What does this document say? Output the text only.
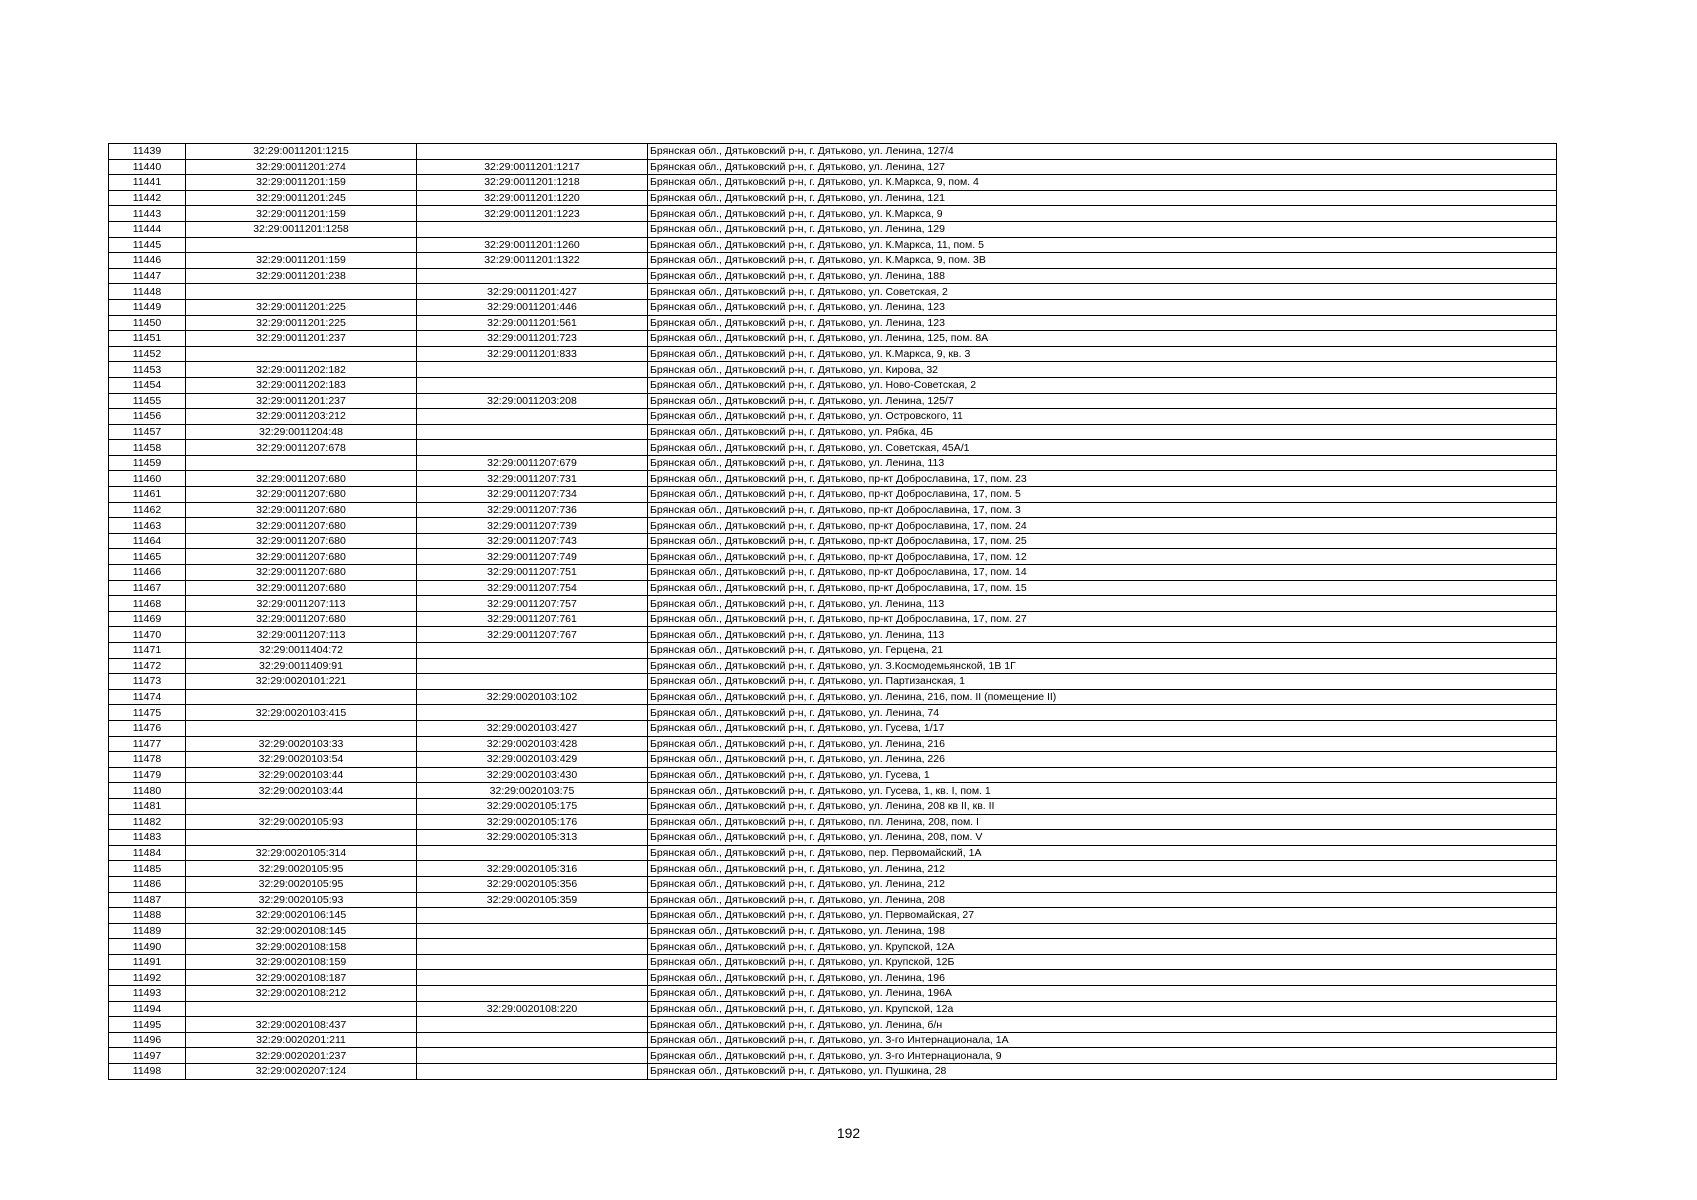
11439	32:29:0011201:1215		Брянская обл., Дятьковский р-н, г. Дятьково, ул. Ленина, 127/4
11440	32:29:0011201:274	32:29:0011201:1217	Брянская обл., Дятьковский р-н, г. Дятьково, ул. Ленина, 127
11441	32:29:0011201:159	32:29:0011201:1218	Брянская обл., Дятьковский р-н, г. Дятьково, ул. К.Маркса, 9, пом. 4
11442	32:29:0011201:245	32:29:0011201:1220	Брянская обл., Дятьковский р-н, г. Дятьково, ул. Ленина, 121
11443	32:29:0011201:159	32:29:0011201:1223	Брянская обл., Дятьковский р-н, г. Дятьково, ул. К.Маркса, 9
11444	32:29:0011201:1258		Брянская обл., Дятьковский р-н, г. Дятьково, ул. Ленина, 129
11445		32:29:0011201:1260	Брянская обл., Дятьковский р-н, г. Дятьково, ул. К.Маркса, 11, пом. 5
11446	32:29:0011201:159	32:29:0011201:1322	Брянская обл., Дятьковский р-н, г. Дятьково, ул. К.Маркса, 9, пом. 3В
11447	32:29:0011201:238		Брянская обл., Дятьковский р-н, г. Дятьково, ул. Ленина, 188
11448		32:29:0011201:427	Брянская обл., Дятьковский р-н, г. Дятьково, ул. Советская, 2
11449	32:29:0011201:225	32:29:0011201:446	Брянская обл., Дятьковский р-н, г. Дятьково, ул. Ленина, 123
11450	32:29:0011201:225	32:29:0011201:561	Брянская обл., Дятьковский р-н, г. Дятьково, ул. Ленина, 123
11451	32:29:0011201:237	32:29:0011201:723	Брянская обл., Дятьковский р-н, г. Дятьково, ул. Ленина, 125, пом. 8А
11452		32:29:0011201:833	Брянская обл., Дятьковский р-н, г. Дятьково, ул. К.Маркса, 9, кв. 3
11453	32:29:0011202:182		Брянская обл., Дятьковский р-н, г. Дятьково, ул. Кирова, 32
11454	32:29:0011202:183		Брянская обл., Дятьковский р-н, г. Дятьково, ул. Ново-Советская, 2
11455	32:29:0011201:237	32:29:0011203:208	Брянская обл., Дятьковский р-н, г. Дятьково, ул. Ленина, 125/7
11456	32:29:0011203:212		Брянская обл., Дятьковский р-н, г. Дятьково, ул. Островского, 11
11457	32:29:0011204:48		Брянская обл., Дятьковский р-н, г. Дятьково, ул. Рябка, 4Б
11458	32:29:0011207:678		Брянская обл., Дятьковский р-н, г. Дятьково, ул. Советская, 45А/1
11459		32:29:0011207:679	Брянская обл., Дятьковский р-н, г. Дятьково, ул. Ленина, 113
11460	32:29:0011207:680	32:29:0011207:731	Брянская обл., Дятьковский р-н, г. Дятьково, пр-кт Доброславина, 17, пом. 23
11461	32:29:0011207:680	32:29:0011207:734	Брянская обл., Дятьковский р-н, г. Дятьково, пр-кт Доброславина, 17, пом. 5
11462	32:29:0011207:680	32:29:0011207:736	Брянская обл., Дятьковский р-н, г. Дятьково, пр-кт Доброславина, 17, пом. 3
11463	32:29:0011207:680	32:29:0011207:739	Брянская обл., Дятьковский р-н, г. Дятьково, пр-кт Доброславина, 17, пом. 24
11464	32:29:0011207:680	32:29:0011207:743	Брянская обл., Дятьковский р-н, г. Дятьково, пр-кт Доброславина, 17, пом. 25
11465	32:29:0011207:680	32:29:0011207:749	Брянская обл., Дятьковский р-н, г. Дятьково, пр-кт Доброславина, 17, пом. 12
11466	32:29:0011207:680	32:29:0011207:751	Брянская обл., Дятьковский р-н, г. Дятьково, пр-кт Доброславина, 17, пом. 14
11467	32:29:0011207:680	32:29:0011207:754	Брянская обл., Дятьковский р-н, г. Дятьково, пр-кт Доброславина, 17, пом. 15
11468	32:29:0011207:113	32:29:0011207:757	Брянская обл., Дятьковский р-н, г. Дятьково, ул. Ленина, 113
11469	32:29:0011207:680	32:29:0011207:761	Брянская обл., Дятьковский р-н, г. Дятьково, пр-кт Доброславина, 17, пом. 27
11470	32:29:0011207:113	32:29:0011207:767	Брянская обл., Дятьковский р-н, г. Дятьково, ул. Ленина, 113
11471	32:29:0011404:72		Брянская обл., Дятьковский р-н, г. Дятьково, ул. Герцена, 21
11472	32:29:0011409:91		Брянская обл., Дятьковский р-н, г. Дятьково, ул. З.Космодемьянской, 1В 1Г
11473	32:29:0020101:221		Брянская обл., Дятьковский р-н, г. Дятьково, ул. Партизанская, 1
11474		32:29:0020103:102	Брянская обл., Дятьковский р-н, г. Дятьково, ул. Ленина, 216, пом. II (помещение II)
11475	32:29:0020103:415		Брянская обл., Дятьковский р-н, г. Дятьково, ул. Ленина, 74
11476		32:29:0020103:427	Брянская обл., Дятьковский р-н, г. Дятьково, ул. Гусева, 1/17
11477	32:29:0020103:33	32:29:0020103:428	Брянская обл., Дятьковский р-н, г. Дятьково, ул. Ленина, 216
11478	32:29:0020103:54	32:29:0020103:429	Брянская обл., Дятьковский р-н, г. Дятьково, ул. Ленина, 226
11479	32:29:0020103:44	32:29:0020103:430	Брянская обл., Дятьковский р-н, г. Дятьково, ул. Гусева, 1
11480	32:29:0020103:44	32:29:0020103:75	Брянская обл., Дятьковский р-н, г. Дятьково, ул. Гусева, 1, кв. I, пом. 1
11481		32:29:0020105:175	Брянская обл., Дятьковский р-н, г. Дятьково, ул. Ленина, 208 кв II, кв. II
11482	32:29:0020105:93	32:29:0020105:176	Брянская обл., Дятьковский р-н, г. Дятьково, пл. Ленина, 208, пом. I
11483		32:29:0020105:313	Брянская обл., Дятьковский р-н, г. Дятьково, ул. Ленина, 208, пом. V
11484	32:29:0020105:314		Брянская обл., Дятьковский р-н, г. Дятьково, пер. Первомайский, 1А
11485	32:29:0020105:95	32:29:0020105:316	Брянская обл., Дятьковский р-н, г. Дятьково, ул. Ленина, 212
11486	32:29:0020105:95	32:29:0020105:356	Брянская обл., Дятьковский р-н, г. Дятьково, ул. Ленина, 212
11487	32:29:0020105:93	32:29:0020105:359	Брянская обл., Дятьковский р-н, г. Дятьково, ул. Ленина, 208
11488	32:29:0020106:145		Брянская обл., Дятьковский р-н, г. Дятьково, ул. Первомайская, 27
11489	32:29:0020108:145		Брянская обл., Дятьковский р-н, г. Дятьково, ул. Ленина, 198
11490	32:29:0020108:158		Брянская обл., Дятьковский р-н, г. Дятьково, ул. Крупской, 12А
11491	32:29:0020108:159		Брянская обл., Дятьковский р-н, г. Дятьково, ул. Крупской, 12Б
11492	32:29:0020108:187		Брянская обл., Дятьковский р-н, г. Дятьково, ул. Ленина, 196
11493	32:29:0020108:212		Брянская обл., Дятьковский р-н, г. Дятьково, ул. Ленина, 196А
11494		32:29:0020108:220	Брянская обл., Дятьковский р-н, г. Дятьково, ул. Крупской, 12а
11495	32:29:0020108:437		Брянская обл., Дятьковский р-н, г. Дятьково, ул. Ленина, б/н
11496	32:29:0020201:211		Брянская обл., Дятьковский р-н, г. Дятьково, ул. 3-го Интернационала, 1А
11497	32:29:0020201:237		Брянская обл., Дятьковский р-н, г. Дятьково, ул. 3-го Интернационала, 9
11498	32:29:0020207:124		Брянская обл., Дятьковский р-н, г. Дятьково, ул. Пушкина, 28
192
